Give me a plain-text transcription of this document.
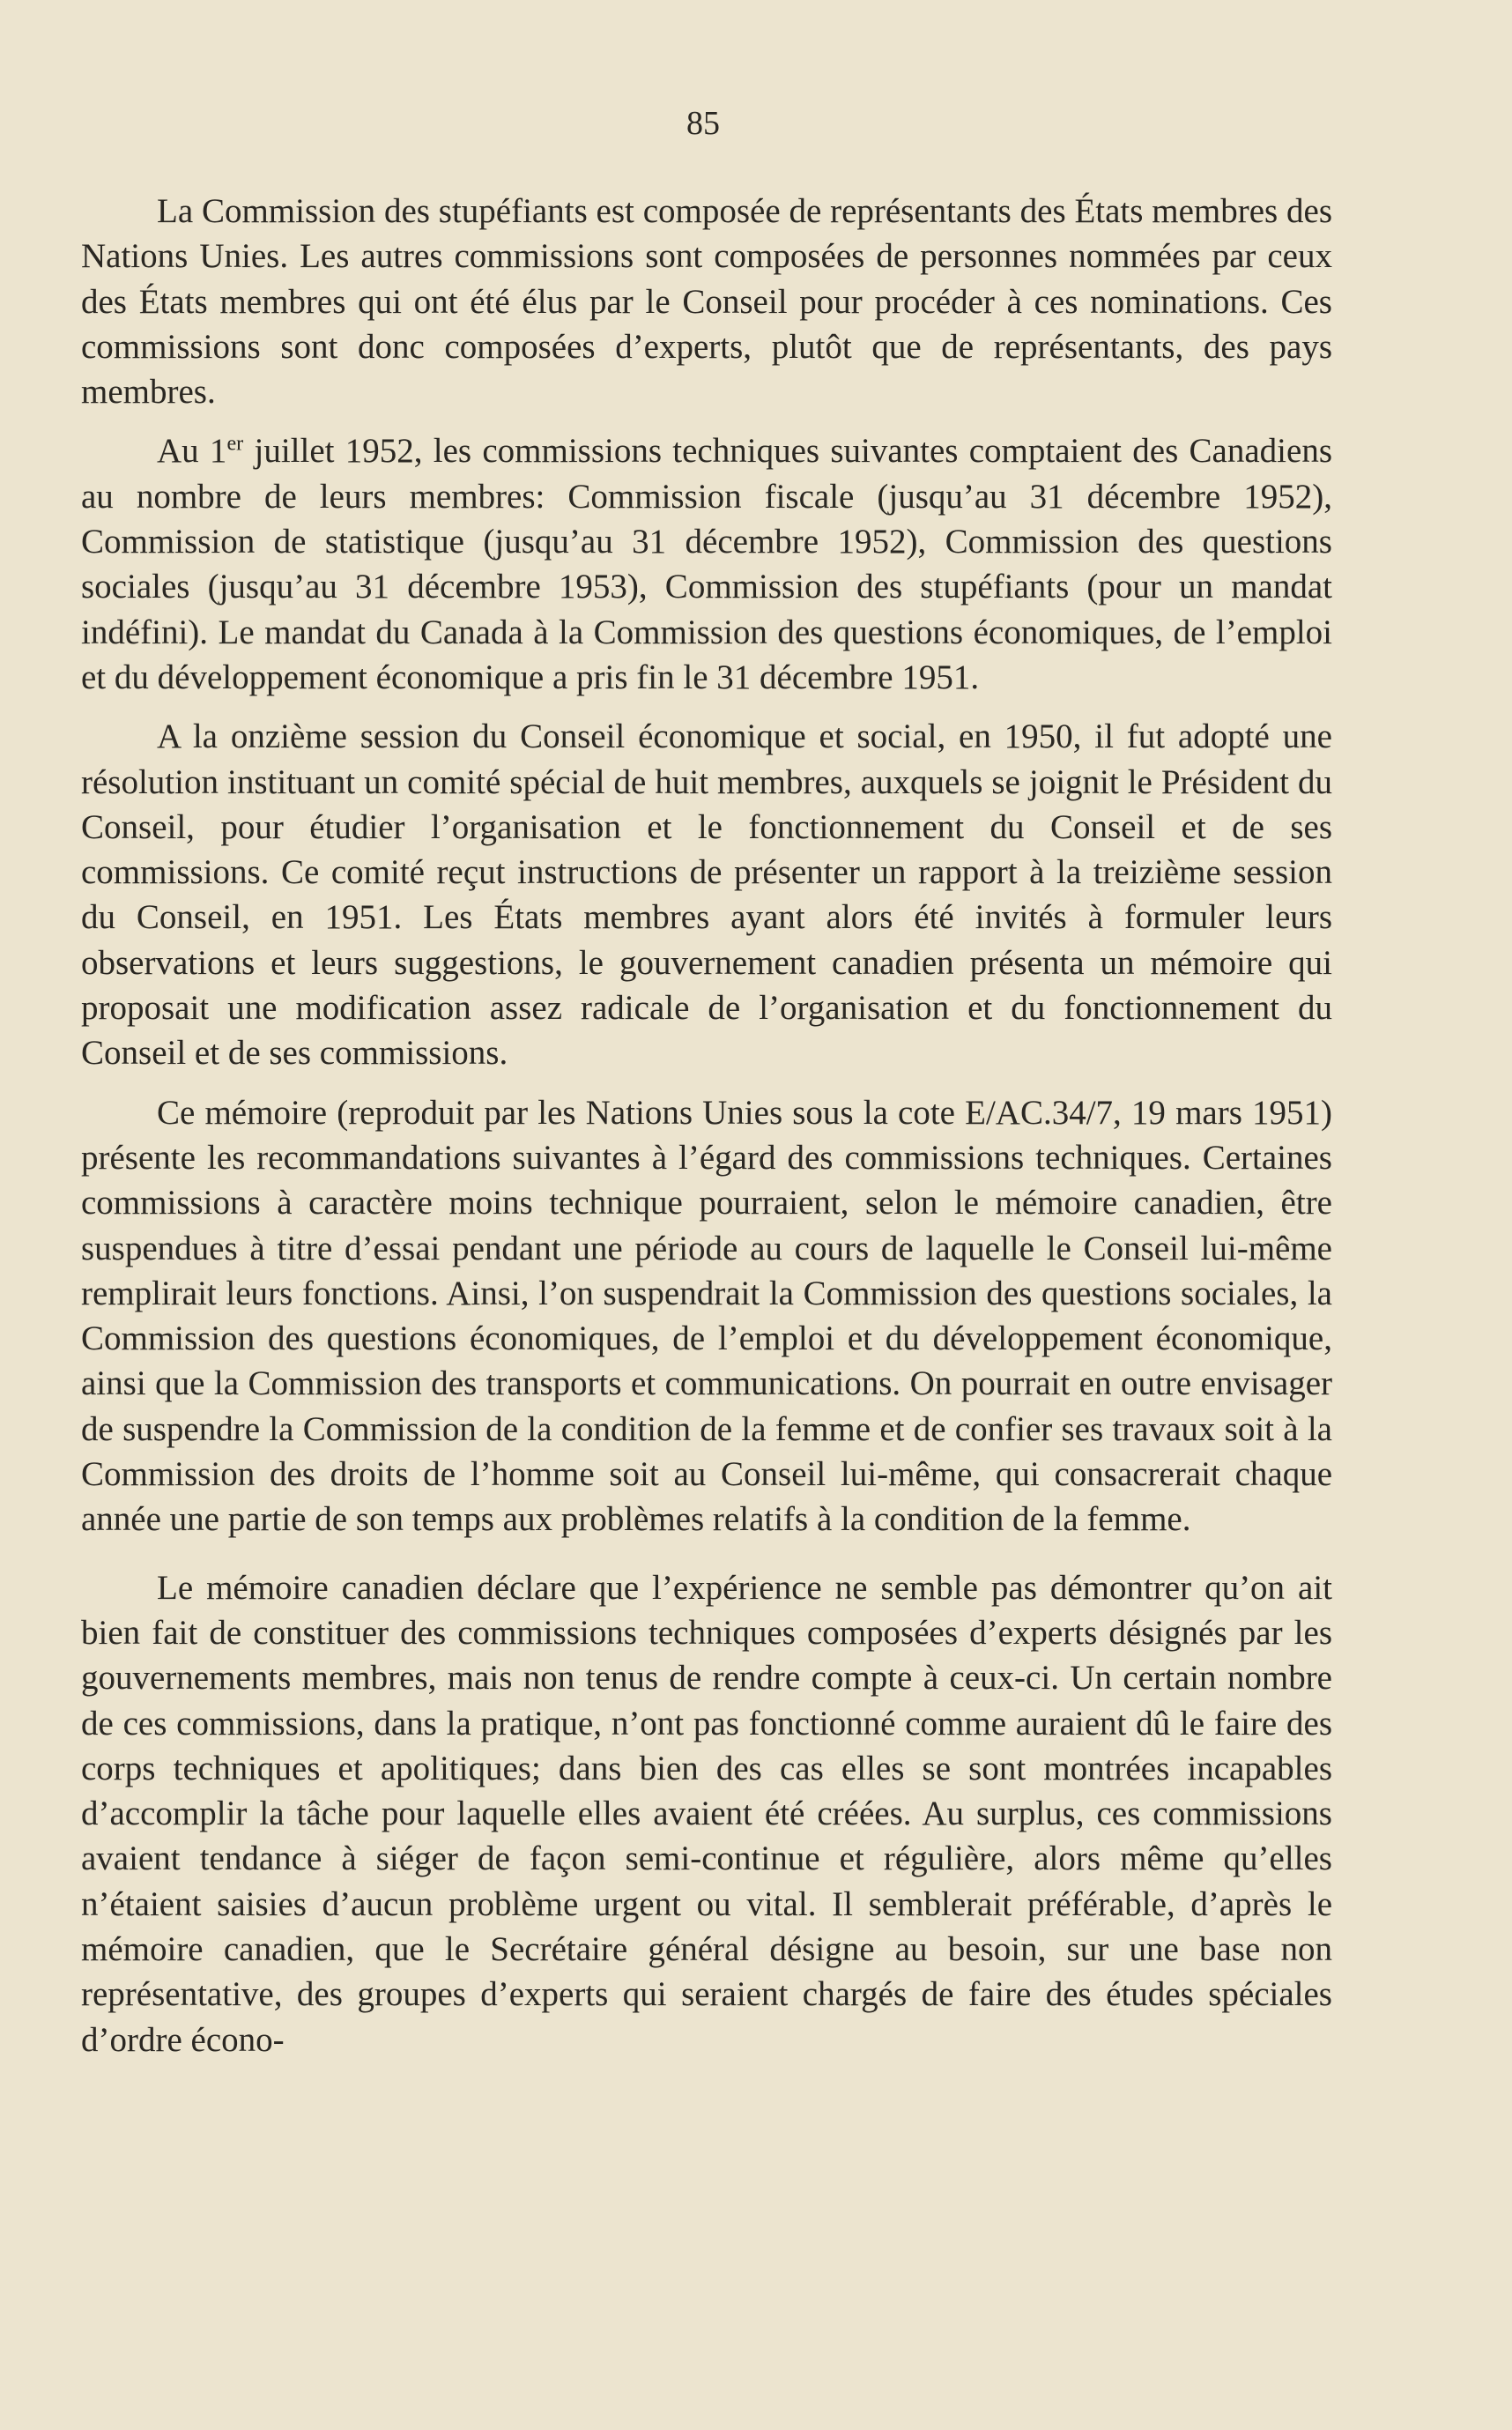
85

La Commission des stupéfiants est composée de représentants des États membres des Nations Unies. Les autres commissions sont composées de personnes nommées par ceux des États membres qui ont été élus par le Conseil pour procéder à ces nominations. Ces commissions sont donc composées d’experts, plutôt que de représentants, des pays membres.

Au 1er juillet 1952, les commissions techniques suivantes comptaient des Canadiens au nombre de leurs membres: Commission fiscale (jusqu’au 31 décembre 1952), Commission de statistique (jusqu’au 31 décembre 1952), Commission des questions sociales (jusqu’au 31 décembre 1953), Commission des stupéfiants (pour un mandat indéfini). Le mandat du Canada à la Commission des questions économiques, de l’emploi et du développement économique a pris fin le 31 décembre 1951.

A la onzième session du Conseil économique et social, en 1950, il fut adopté une résolution instituant un comité spécial de huit membres, auxquels se joignit le Président du Conseil, pour étudier l’organisation et le fonctionnement du Conseil et de ses commissions. Ce comité reçut instructions de présenter un rapport à la treizième session du Conseil, en 1951. Les États membres ayant alors été invités à formuler leurs observations et leurs suggestions, le gouvernement canadien présenta un mémoire qui proposait une modification assez radicale de l’organisation et du fonctionnement du Conseil et de ses commissions.

Ce mémoire (reproduit par les Nations Unies sous la cote E/AC.34/7, 19 mars 1951) présente les recommandations suivantes à l’égard des commissions techniques. Certaines commissions à caractère moins technique pourraient, selon le mémoire canadien, être suspendues à titre d’essai pendant une période au cours de laquelle le Conseil lui-même remplirait leurs fonctions. Ainsi, l’on suspendrait la Commission des questions sociales, la Commission des questions économiques, de l’emploi et du développement économique, ainsi que la Commission des transports et communications. On pourrait en outre envisager de suspendre la Commission de la condition de la femme et de confier ses travaux soit à la Commission des droits de l’homme soit au Conseil lui-même, qui consacrerait chaque année une partie de son temps aux problèmes relatifs à la condition de la femme.

Le mémoire canadien déclare que l’expérience ne semble pas démontrer qu’on ait bien fait de constituer des commissions techniques composées d’experts désignés par les gouvernements membres, mais non tenus de rendre compte à ceux-ci. Un certain nombre de ces commissions, dans la pratique, n’ont pas fonctionné comme auraient dû le faire des corps techniques et apolitiques; dans bien des cas elles se sont montrées incapables d’accomplir la tâche pour laquelle elles avaient été créées. Au surplus, ces commissions avaient tendance à siéger de façon semi-continue et régulière, alors même qu’elles n’étaient saisies d’aucun problème urgent ou vital. Il semblerait préférable, d’après le mémoire canadien, que le Secrétaire général désigne au besoin, sur une base non représentative, des groupes d’experts qui seraient chargés de faire des études spéciales d’ordre écono-
